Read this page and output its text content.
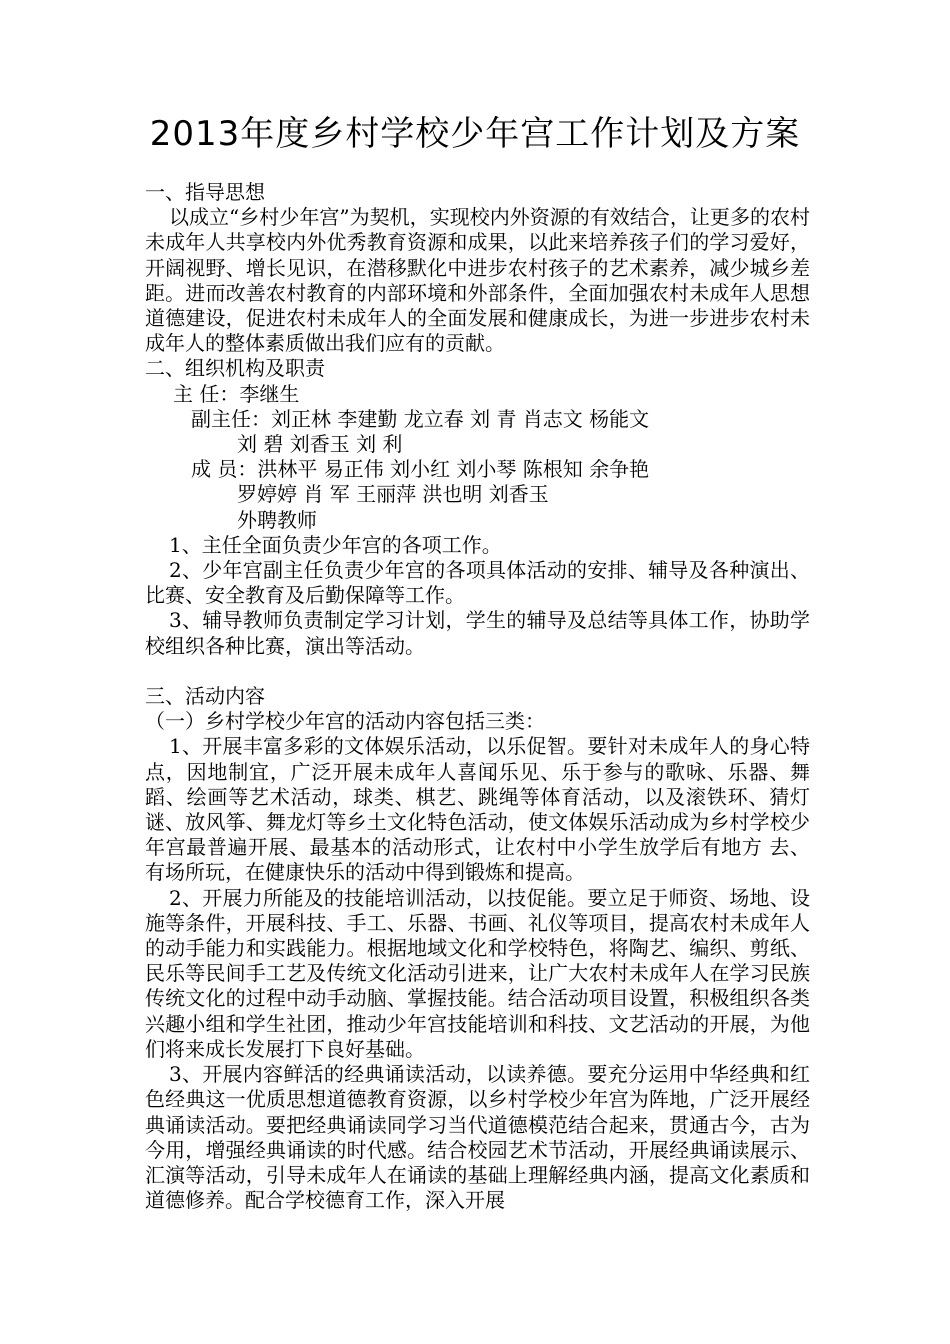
2013年度乡村学校少年宫工作计划及方案

一、指导思想

以成立“乡村少年宫”为契机，实现校内外资源的有效结合，让更多的农村未成年人共享校内外优秀教育资源和成果，以此来培养孩子们的学习爱好，开阔视野、增长见识，在潜移默化中进步农村孩子的艺术素养，减少城乡差距。进而改善农村教育的内部环境和外部条件，全面加强农村未成年人思想道德建设，促进农村未成年人的全面发展和健康成长，为进一步进步农村未成年人的整体素质做出我们应有的贡献。

二、组织机构及职责

主 任：李继生

副主任：刘正林 李建勤 龙立春 刘 青 肖志文 杨能文

刘 碧 刘香玉 刘 利

成 员：洪林平 易正伟 刘小红 刘小琴 陈根知 余争艳

罗婷婷 肖 军 王丽萍 洪也明 刘香玉

外聘教师

1、主任全面负责少年宫的各项工作。

2、少年宫副主任负责少年宫的各项具体活动的安排、辅导及各种演出、比赛、安全教育及后勤保障等工作。

3、辅导教师负责制定学习计划，学生的辅导及总结等具体工作，协助学校组织各种比赛，演出等活动。

三、活动内容

（一）乡村学校少年宫的活动内容包括三类：

1、开展丰富多彩的文体娱乐活动，以乐促智。要针对未成年人的身心特点，因地制宜，广泛开展未成年人喜闻乐见、乐于参与的歌咏、乐器、舞蹈、绘画等艺术活动，球类、棋艺、跳绳等体育活动，以及滚铁环、猜灯谜、放风筝、舞龙灯等乡土文化特色活动，使文体娱乐活动成为乡村学校少年宫最普遍开展、最基本的活动形式，让农村中小学生放学后有地方 去、有场所玩，在健康快乐的活动中得到锻炼和提高。

2、开展力所能及的技能培训活动，以技促能。要立足于师资、场地、设施等条件，开展科技、手工、乐器、书画、礼仪等项目，提高农村未成年人的动手能力和实践能力。根据地域文化和学校特色，将陶艺、编织、剪纸、民乐等民间手工艺及传统文化活动引进来，让广大农村未成年人在学习民族传统文化的过程中动手动脑、掌握技能。结合活动项目设置，积极组织各类兴趣小组和学生社团，推动少年宫技能培训和科技、文艺活动的开展，为他们将来成长发展打下良好基础。

3、开展内容鲜活的经典诵读活动，以读养德。要充分运用中华经典和红色经典这一优质思想道德教育资源，以乡村学校少年宫为阵地，广泛开展经典诵读活动。要把经典诵读同学习当代道德模范结合起来，贯通古今，古为今用，增强经典诵读的时代感。结合校园艺术节活动，开展经典诵读展示、汇演等活动，引导未成年人在诵读的基础上理解经典内涵，提高文化素质和道德修养。配合学校德育工作，深入开展
